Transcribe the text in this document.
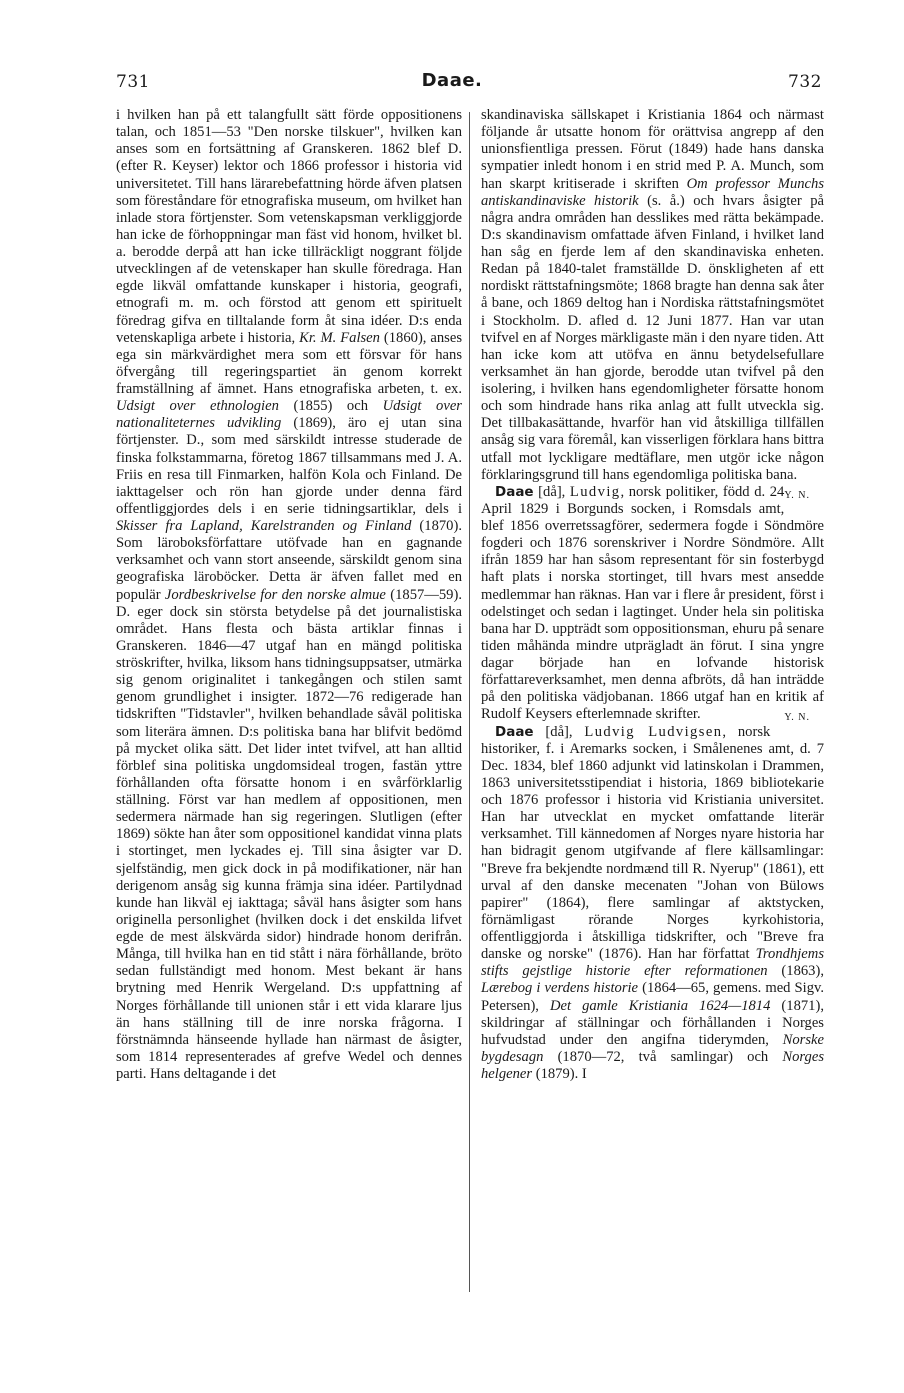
731	Daae.	732

i hvilken han på ett talangfullt sätt förde oppositionens talan, och 1851—53 "Den norske tilskuer", hvilken kan anses som en fortsättning af Granskeren. 1862 blef D. (efter R. Keyser) lektor och 1866 professor i historia vid universitetet. Till hans lärarebefattning hörde äfven platsen som föreståndare för etnografiska museum, om hvilket han inlade stora förtjenster. Som vetenskapsman verkliggjorde han icke de förhoppningar man fäst vid honom, hvilket bl. a. berodde derpå att han icke tillräckligt noggrant följde utvecklingen af de vetenskaper han skulle föredraga. Han egde likväl omfattande kunskaper i historia, geografi, etnografi m. m. och förstod att genom ett spirituelt föredrag gifva en tilltalande form åt sina idéer. D:s enda vetenskapliga arbete i historia, Kr. M. Falsen (1860), anses ega sin märkvärdighet mera som ett försvar för hans öfvergång till regeringspartiet än genom korrekt framställning af ämnet. Hans etnografiska arbeten, t. ex. Udsigt over ethnologien (1855) och Udsigt over nationaliteternes udvikling (1869), äro ej utan sina förtjenster. D., som med särskildt intresse studerade de finska folkstammarna, företog 1867 tillsammans med J. A. Friis en resa till Finmarken, halfön Kola och Finland. De iakttagelser och rön han gjorde under denna färd offentliggjordes dels i en serie tidningsartiklar, dels i Skisser fra Lapland, Karelstranden og Finland (1870). Som läroboksförfattare utöfvade han en gagnande verksamhet och vann stort anseende, särskildt genom sina geografiska läroböcker. Detta är äfven fallet med en populär Jordbeskrivelse for den norske almue (1857—59). D. eger dock sin största betydelse på det journalistiska området. Hans flesta och bästa artiklar finnas i Granskeren. 1846—47 utgaf han en mängd politiska ströskrifter, hvilka, liksom hans tidningsuppsatser, utmärka sig genom originalitet i tankegången och stilen samt genom grundlighet i insigter. 1872—76 redigerade han tidskriften "Tidstavler", hvilken behandlade såväl politiska som literära ämnen. D:s politiska bana har blifvit bedömd på mycket olika sätt. Det lider intet tvifvel, att han alltid förblef sina politiska ungdomsideal trogen, fastän yttre förhållanden ofta försatte honom i en svårförklarlig ställning. Först var han medlem af oppositionen, men sedermera närmade han sig regeringen. Slutligen (efter 1869) sökte han åter som oppositionel kandidat vinna plats i stortinget, men lyckades ej. Till sina åsigter var D. sjelfständig, men gick dock in på modifikationer, när han derigenom ansåg sig kunna främja sina idéer. Partilydnad kunde han likväl ej iakttaga; såväl hans åsigter som hans originella personlighet (hvilken dock i det enskilda lifvet egde de mest älskvärda sidor) hindrade honom derifrån. Många, till hvilka han en tid stått i nära förhållande, bröto sedan fullständigt med honom. Mest bekant är hans brytning med Henrik Wergeland. D:s uppfattning af Norges förhållande till unionen står i ett vida klarare ljus än hans ställning till de inre norska frågorna. I förstnämnda hänseende hyllade han närmast de åsigter, som 1814 representerades af grefve Wedel och dennes parti. Hans deltagande i det

skandinaviska sällskapet i Kristiania 1864 och närmast följande år utsatte honom för orättvisa angrepp af den unionsfientliga pressen. Förut (1849) hade hans danska sympatier inledt honom i en strid med P. A. Munch, som han skarpt kritiserade i skriften Om professor Munchs antiskandinaviske historik (s. å.) och hvars åsigter på några andra områden han desslikes med rätta bekämpade. D:s skandinavism omfattade äfven Finland, i hvilket land han såg en fjerde lem af den skandinaviska enheten. Redan på 1840-talet framställde D. önskligheten af ett nordiskt rättstafningsmöte; 1868 bragte han denna sak åter å bane, och 1869 deltog han i Nordiska rättstafningsmötet i Stockholm. D. afled d. 12 Juni 1877. Han var utan tvifvel en af Norges märkligaste män i den nyare tiden. Att han icke kom att utöfva en ännu betydelsefullare verksamhet än han gjorde, berodde utan tvifvel på den isolering, i hvilken hans egendomligheter försatte honom och som hindrade hans rika anlag att fullt utveckla sig. Det tillbakasättande, hvarför han vid åtskilliga tillfällen ansåg sig vara föremål, kan visserligen förklara hans bittra utfall mot lyckligare medtäflare, men utgör icke någon förklaringsgrund till hans egendomliga politiska bana.
Y. N.

Daae [då], Ludvig, norsk politiker, född d. 24 April 1829 i Borgunds socken, i Romsdals amt, blef 1856 overretssagförer, sedermera fogde i Söndmöre fogderi och 1876 sorenskriver i Nordre Söndmöre. Allt ifrån 1859 har han såsom representant för sin fosterbygd haft plats i norska stortinget, till hvars mest ansedde medlemmar han räknas. Han var i flere år president, först i odelstinget och sedan i lagtinget. Under hela sin politiska bana har D. uppträdt som oppositionsman, ehuru på senare tiden måhända mindre utprägladt än förut. I sina yngre dagar började han en lofvande historisk författareverksamhet, men denna afbröts, då han inträdde på den politiska vädjobanan. 1866 utgaf han en kritik af Rudolf Keysers efterlemnade skrifter.	Y. N.

Daae [då], Ludvig Ludvigsen, norsk historiker, f. i Aremarks socken, i Smålenenes amt, d. 7 Dec. 1834, blef 1860 adjunkt vid latinskolan i Drammen, 1863 universitetsstipendiat i historia, 1869 bibliotekarie och 1876 professor i historia vid Kristiania universitet. Han har utvecklat en mycket omfattande literär verksamhet. Till kännedomen af Norges nyare historia har han bidragit genom utgifvande af flere källsamlingar: "Breve fra bekjendte nordmænd till R. Nyerup" (1861), ett urval af den danske mecenaten "Johan von Bülows papirer" (1864), flere samlingar af aktstycken, förnämligast rörande Norges kyrkohistoria, offentliggjorda i åtskilliga tidskrifter, och "Breve fra danske og norske" (1876). Han har författat Trondhjems stifts gejstlige historie efter reformationen (1863), Lærebog i verdens historie (1864—65, gemens. med Sigv. Petersen), Det gamle Kristiania 1624—1814 (1871), skildringar af ställningar och förhållanden i Norges hufvudstad under den angifna tiderymden, Norske bygdesagn (1870—72, två samlingar) och Norges helgener (1879). I
